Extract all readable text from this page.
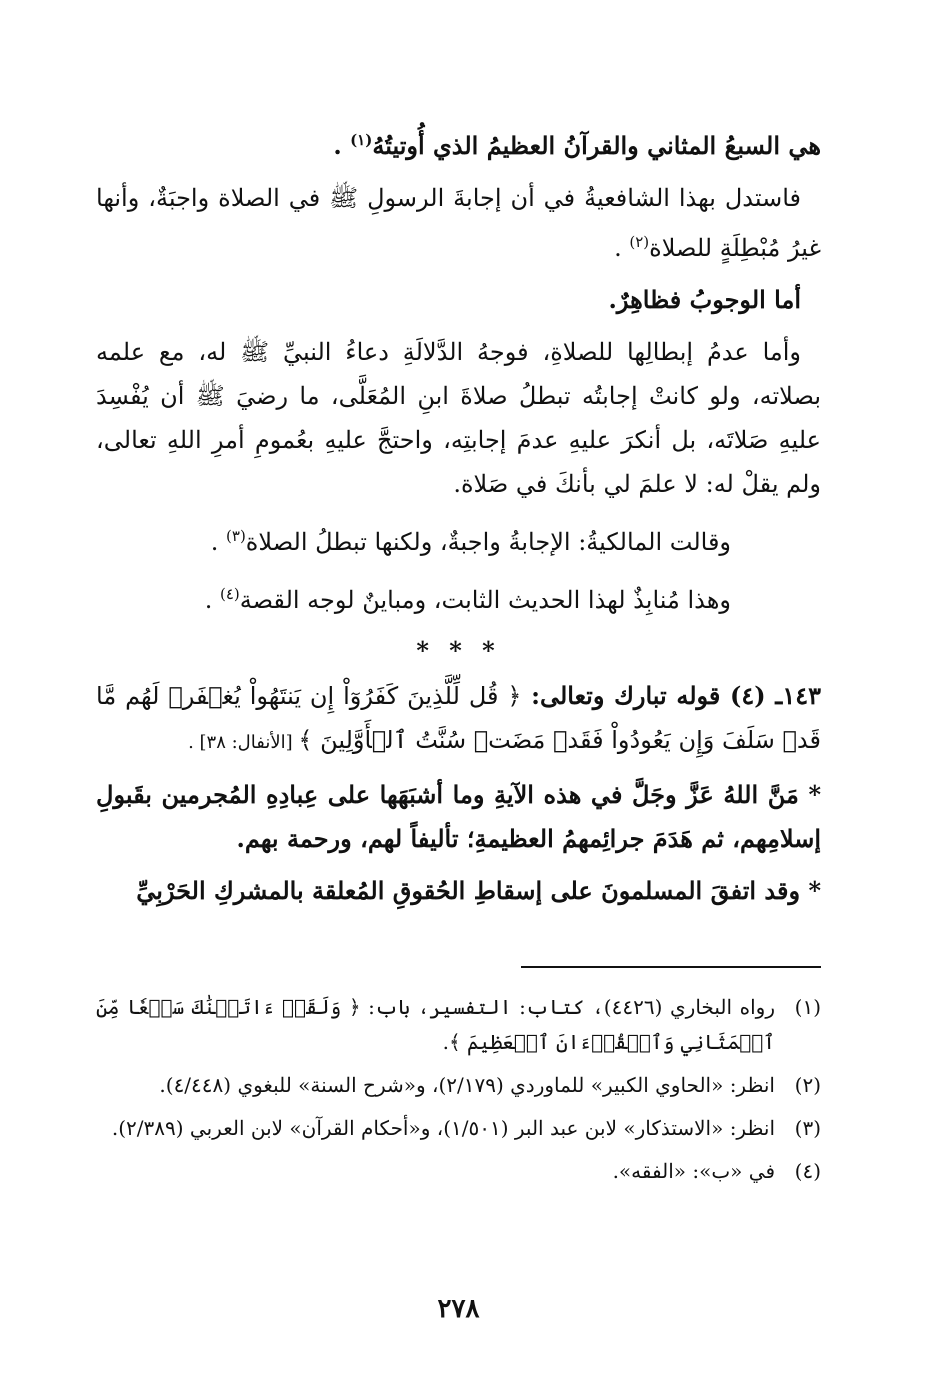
هي السبعُ المثاني والقرآنُ العظيمُ الذي أُوتيتُهُ$^{(١)}$ .

فاستدل بهذا الشافعيةُ في أن إجابةَ الرسولِ ﷺ في الصلاة واجبَةٌ، وأنها غيرُ مُبْطِلَةٍ للصلاة$^{(٢)}$ .

أما الوجوبُ فظاهِرٌ.

وأما عدمُ إبطالِها للصلاةِ، فوجهُ الدَّلالَةِ دعاءُ النبيِّ ﷺ له، مع علمه بصلاته، ولو كانتْ إجابتُه تبطلُ صلاةَ ابنِ المُعَلَّى، ما رضيَ ﷺ أن يُفْسِدَ عليهِ صَلاتَه، بل أنكرَ عليهِ عدمَ إجابتِه، واحتجَّ عليهِ بعُمومِ أمرِ اللهِ تعالى، ولم يقلْ له: لا علمَ لي بأنكَ في صَلاة.

وقالت المالكيةُ: الإجابةُ واجبةٌ، ولكنها تبطلُ الصلاة$^{(٣)}$ .

وهذا مُنابِذٌ لهذا الحديث الثابت، ومباينٌ لوجه القصة$^{(٤)}$ .

* * *

١٤٣ـ (٤) قوله تبارك وتعالى: ﴿ قُل لِّلَّذِينَ كَفَرُوٓاْ إِن يَنتَهُواْ يُغۡفَرۡ لَهُم مَّا قَدۡ سَلَفَ وَإِن يَعُودُواْ فَقَدۡ مَضَتۡ سُنَّتُ ٱلۡأَوَّلِينَ ﴾ [الأنفال: ٣٨] .

* مَنَّ اللهُ عَزَّ وجَلَّ في هذه الآيةِ وما أشبَهَها على عِبادِهِ المُجرمين بقَبولِ إسلامِهم، ثم هَدَمَ جرائِمهمُ العظيمةِ؛ تأليفاً لهم، ورحمة بهم.

* وقد اتفقَ المسلمونَ على إسقاطِ الحُقوقِ المُعلقة بالمشركِ الحَرْبِيِّ

(١)
رواه البخاري (٤٤٢٦)، كتاب: التفسير، باب: ﴿ وَلَقَدۡ ءَاتَيۡنَٰكَ سَبۡعٗا مِّنَ ٱلۡمَثَانِي وَٱلۡقُرۡءَانَ ٱلۡعَظِيمَ ﴾.
(٢)
انظر: «الحاوي الكبير» للماوردي (٢/١٧٩)، و«شرح السنة» للبغوي (٤/٤٤٨).
(٣)
انظر: «الاستذكار» لابن عبد البر (١/٥٠١)، و«أحكام القرآن» لابن العربي (٢/٣٨٩).
(٤)
في «ب»: «الفقه».
٢٧٨
